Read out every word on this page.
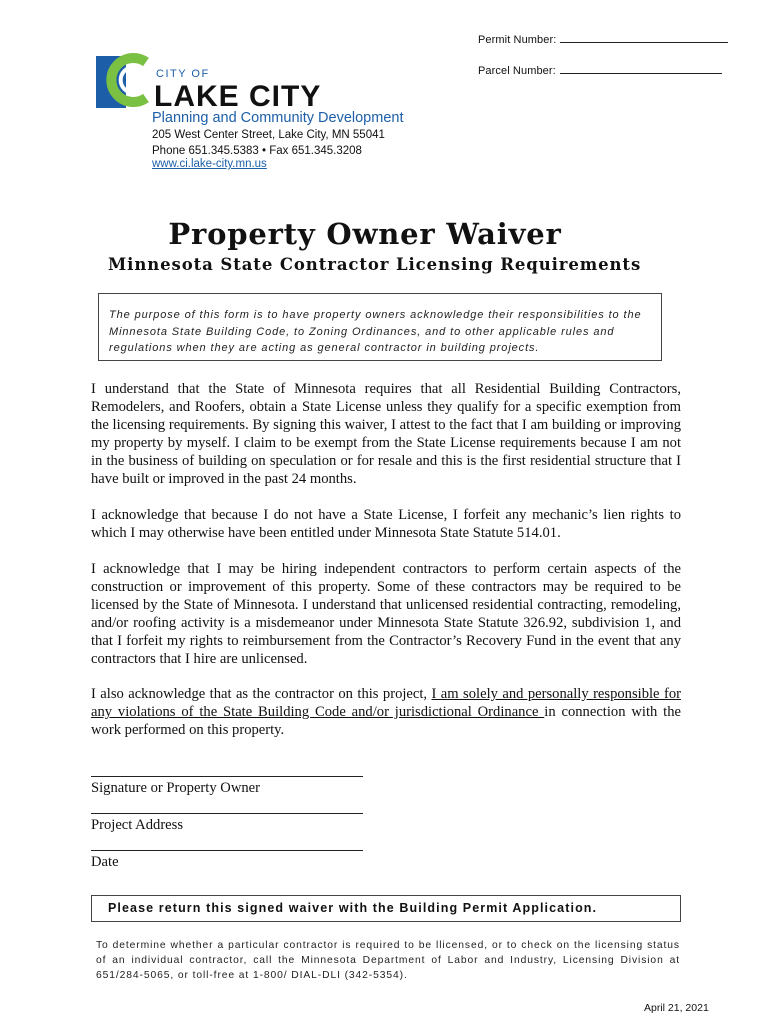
Permit Number:
Parcel Number:
CITY OF
LAKE CITY
Planning and Community Development
205 West Center Street, Lake City, MN 55041
Phone 651.345.5383 • Fax 651.345.3208
www.ci.lake-city.mn.us
Property Owner Waiver
Minnesota State Contractor Licensing Requirements
The purpose of this form is to have property owners acknowledge their responsibilities to the Minnesota State Building Code, to Zoning Ordinances, and to other applicable rules and regulations when they are acting as general contractor in building projects.
I understand that the State of Minnesota requires that all Residential Building Contractors, Remodelers, and Roofers, obtain a State License unless they qualify for a specific exemption from the licensing requirements. By signing this waiver, I attest to the fact that I am building or improving my property by myself. I claim to be exempt from the State License requirements because I am not in the business of building on speculation or for resale and this is the first residential structure that I have built or improved in the past 24 months.
I acknowledge that because I do not have a State License, I forfeit any mechanic’s lien rights to which I may otherwise have been entitled under Minnesota State Statute 514.01.
I acknowledge that I may be hiring independent contractors to perform certain aspects of the construction or improvement of this property. Some of these contractors may be required to be licensed by the State of Minnesota. I understand that unlicensed residential contracting, remodeling, and/or roofing activity is a misdemeanor under Minnesota State Statute 326.92, subdivision 1, and that I forfeit my rights to reimbursement from the Contractor’s Recovery Fund in the event that any contractors that I hire are unlicensed.
I also acknowledge that as the contractor on this project, I am solely and personally responsible for any violations of the State Building Code and/or jurisdictional Ordinance in connection with the work performed on this property.
Signature or Property Owner
Project Address
Date
Please return this signed waiver with the Building Permit Application.
To determine whether a particular contractor is required to be llicensed, or to check on the licensing status of an individual contractor, call the Minnesota Department of Labor and Industry, Licensing Division at 651/284-5065, or toll-free at 1-800/ DIAL-DLI (342-5354).
April 21, 2021
